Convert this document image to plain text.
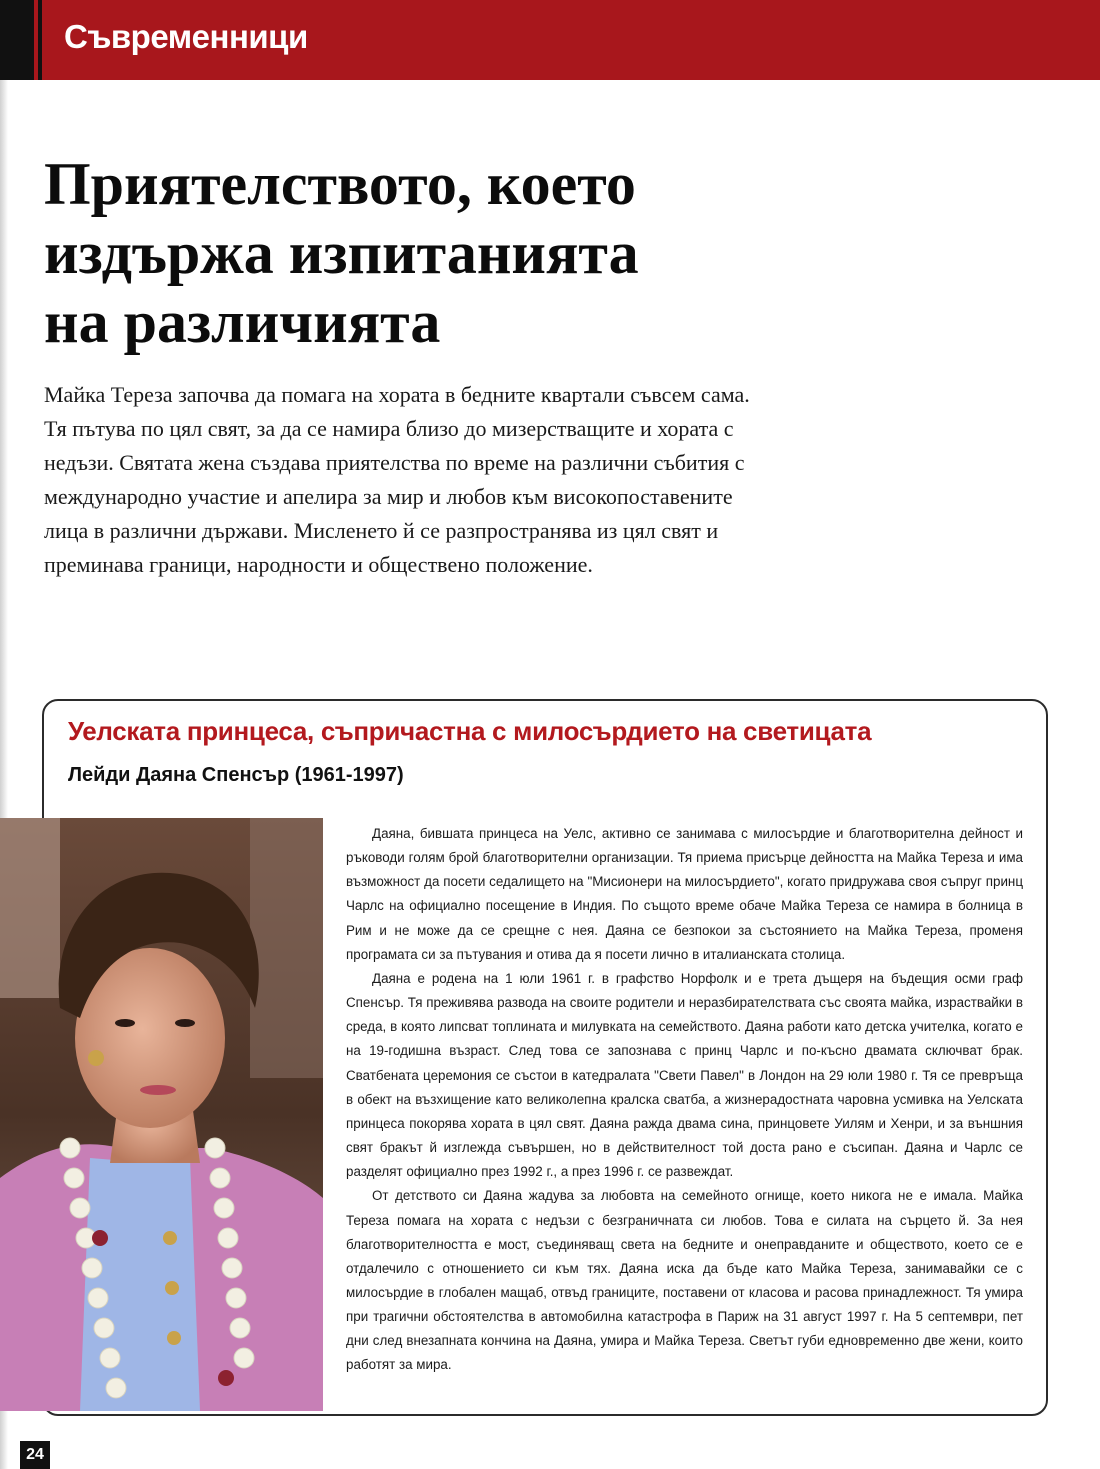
Съвременници
Приятелството, което
издържа изпитанията
на различията
Майка Тереза започва да помага на хората в бедните квартали съвсем сама.
Тя пътува по цял свят, за да се намира близо до мизерстващите и хората с
недъзи. Святата жена създава приятелства по време на различни събития с
международно участие и апелира за мир и любов към високопоставените
лица в различни държави. Мисленето й се разпространява из цял свят и
преминава граници, народности и обществено положение.
Уелската принцеса, съпричастна с милосърдието на светицата
Лейди Даяна Спенсър (1961-1997)

Даяна, бившата принцеса на Уелс, активно се занимава с милосърдие и благотворителна дейност и ръководи голям брой благотворителни организации. Тя приема присърце дейността на Майка Тереза и има възможност да посети седалището на "Мисионери на милосърдието", когато придружава своя съпруг принц Чарлс на официално посещение в Индия. По същото време обаче Майка Тереза се намира в болница в Рим и не може да се срещне с нея. Даяна се безпокои за състоянието на Майка Тереза, променя програмата си за пътувания и отива да я посети лично в италианската столица.

Даяна е родена на 1 юли 1961 г. в графство Норфолк и е трета дъщеря на бъдещия осми граф Спенсър. Тя преживява развода на своите родители и неразбирателствата със своята майка, израствайки в среда, в която липсват топлината и милувката на семейството. Даяна работи като детска учителка, когато е на 19-годишна възраст. След това се запознава с принц Чарлс и по-късно двамата сключват брак. Сватбената церемония се състои в катедралата "Свети Павел" в Лондон на 29 юли 1980 г. Тя се превръща в обект на възхищение като великолепна кралска сватба, а жизнерадостната чаровна усмивка на Уелската принцеса покорява хората в цял свят. Даяна ражда двама сина, принцовете Уилям и Хенри, и за външния свят бракът й изглежда съвършен, но в действителност той доста рано е съсипан. Даяна и Чарлс се разделят официално през 1992 г., а през 1996 г. се развеждат.

От детството си Даяна жадува за любовта на семейното огнище, което никога не е имала. Майка Тереза помага на хората с недъзи с безграничната си любов. Това е силата на сърцето й. За нея благотворителността е мост, съединяващ света на бедните и онеправданите и обществото, което се е отдалечило с отношението си към тях. Даяна иска да бъде като Майка Тереза, занимавайки се с милосърдие в глобален мащаб, отвъд границите, поставени от класова и расова принадлежност. Тя умира при трагични обстоятелства в автомобилна катастрофа в Париж на 31 август 1997 г. На 5 септември, пет дни след внезапната кончина на Даяна, умира и Майка Тереза. Светът губи едновременно две жени, които работят за мира.

24
